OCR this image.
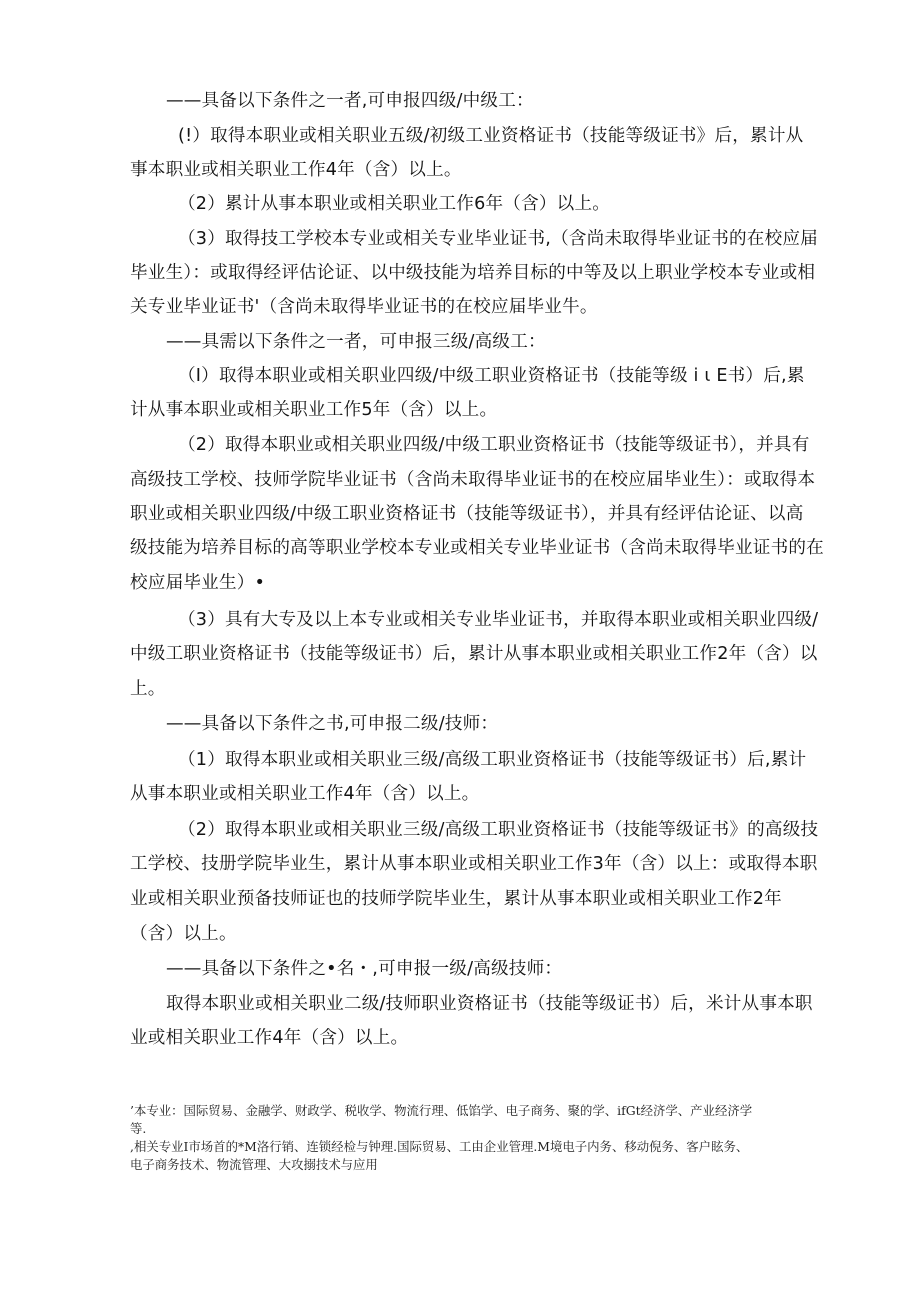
——具备以下条件之一者,可申报四级/中级工：
(!）取得本职业或相关职业五级/初级工业资格证书（技能等级证书》后，累计从
事本职业或相关职业工作4年（含）以上。
（2）累计从事本职业或相关职业工作6年（含）以上。
（3）取得技工学校本专业或相关专业毕业证书,（含尚未取得毕业证书的在校应届
毕业生）：或取得经评估论证、以中级技能为培养目标的中等及以上职业学校本专业或相
关专业毕业证书'（含尚未取得毕业证书的在校应届毕业牛。
——具需以下条件之一者，可申报三级/高级工：
（I）取得本职业或相关职业四级/中级工职业资格证书（技能等级 i ι E书）后,累
计从事本职业或相关职业工作5年（含）以上。
（2）取得本职业或相关职业四级/中级工职业资格证书（技能等级证书），并具有
高级技工学校、技师学院毕业证书（含尚未取得毕业证书的在校应届毕业生）：或取得本
职业或相关职业四级/中级工职业资格证书（技能等级证书），并具有经评估论证、以高
级技能为培养目标的高等职业学校本专业或相关专业毕业证书（含尚未取得毕业证书的在
校应届毕业生）•
（3）具有大专及以上本专业或相关专业毕业证书，并取得本职业或相关职业四级/
中级工职业资格证书（技能等级证书）后，累计从事本职业或相关职业工作2年（含）以
上。
——具备以下条件之书,可申报二级/技师：
（1）取得本职业或相关职业三级/高级工职业资格证书（技能等级证书）后,累计
从事本职业或相关职业工作4年（含）以上。
（2）取得本职业或相关职业三级/高级工职业资格证书（技能等级证书》的高级技
工学校、技册学院毕业生，累计从事本职业或相关职业工作3年（含）以上：或取得本职
业或相关职业预备技师证也的技师学院毕业生，累计从事本职业或相关职业工作2年
（含）以上。
——具备以下条件之•名・,可申报一级/高级技师：
取得本职业或相关职业二级/技师职业资格证书（技能等级证书）后，米计从事本职
业或相关职业工作4年（含）以上。
’本专业：国际贸易、金融学、财政学、税收学、物流行理、低馅学、电子商务、聚的学、ifGt经济学、产业经济学
等.
,相关专业I市场首的*M洛行销、连锁经检与钟理.国际贸易、工由企业管理.M境电子内务、移动倪务、客户眩务、
电子商务技术、物流管理、大攻搦技术与应用
